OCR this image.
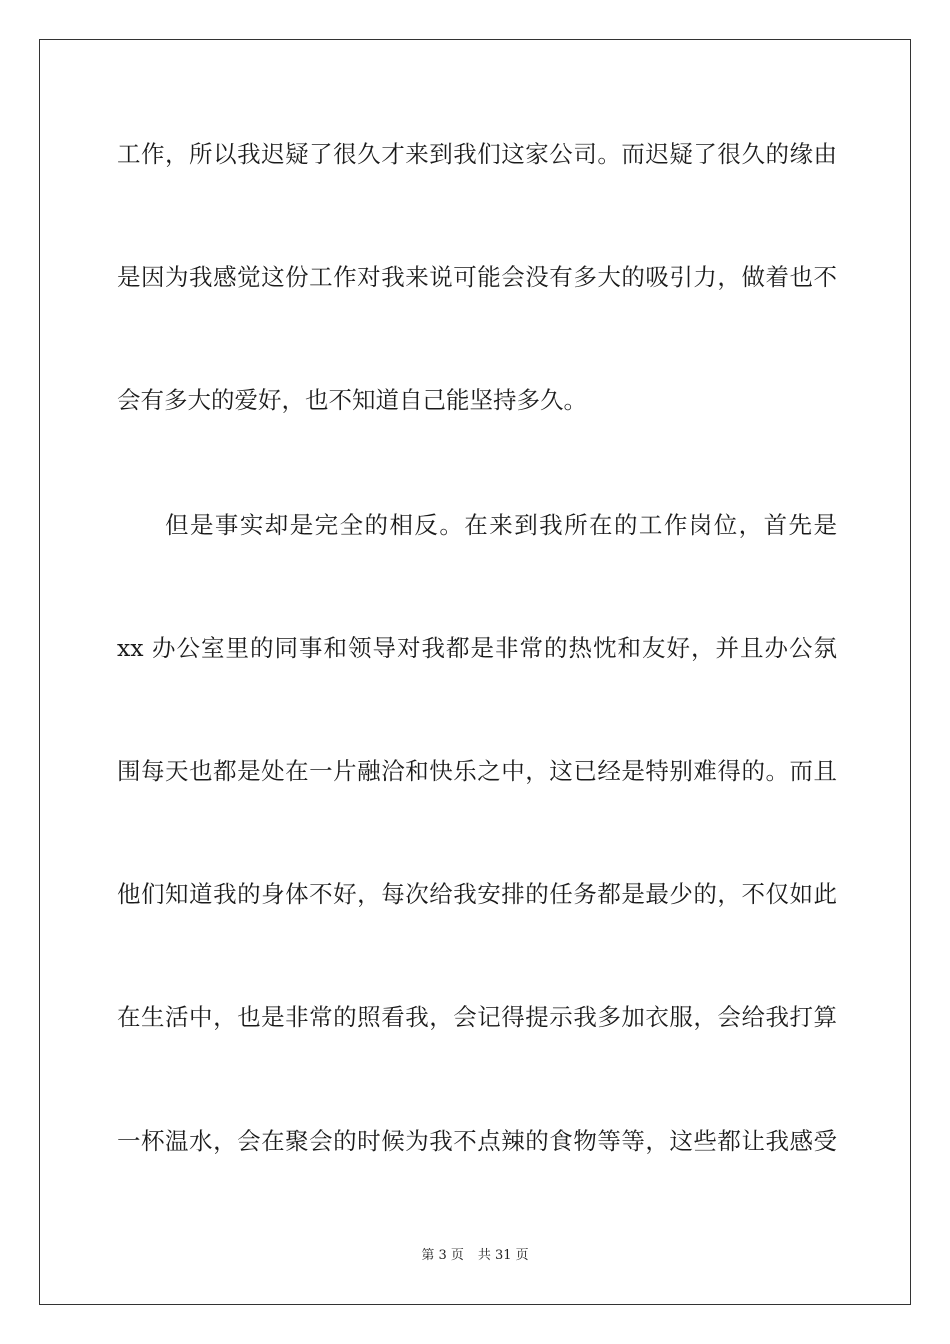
工作，所以我迟疑了很久才来到我们这家公司。而迟疑了很久的缘由
是因为我感觉这份工作对我来说可能会没有多大的吸引力，做着也不
会有多大的爱好，也不知道自己能坚持多久。
但是事实却是完全的相反。在来到我所在的工作岗位，首先是
xx 办公室里的同事和领导对我都是非常的热忱和友好，并且办公氛
围每天也都是处在一片融洽和快乐之中，这已经是特别难得的。而且
他们知道我的身体不好，每次给我安排的任务都是最少的，不仅如此
在生活中，也是非常的照看我，会记得提示我多加衣服，会给我打算
一杯温水，会在聚会的时候为我不点辣的食物等等，这些都让我感受
第 3 页 共 31 页
